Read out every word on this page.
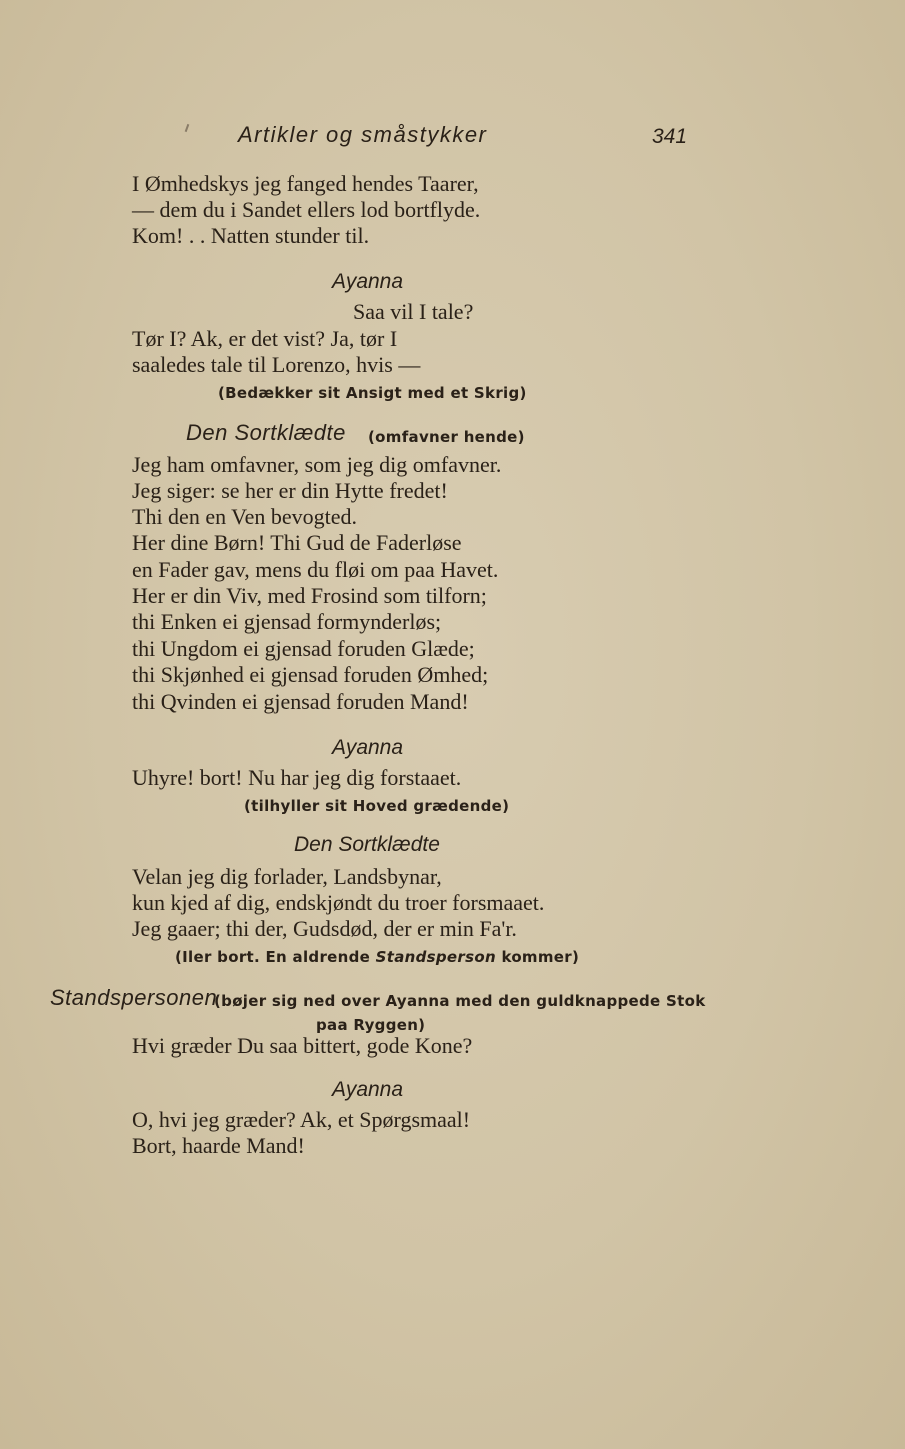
Artikler og småstykker	341
I Ømhedskys jeg fanged hendes Taarer,
— dem du i Sandet ellers lod bortflyde.
Kom! . . Natten stunder til.
Ayanna
Saa vil I tale?
Tør I? Ak, er det vist? Ja, tør I
saaledes tale til Lorenzo, hvis —
(Bedækker sit Ansigt med et Skrig)
Den Sortklædte (omfavner hende)
Jeg ham omfavner, som jeg dig omfavner.
Jeg siger: se her er din Hytte fredet!
Thi den en Ven bevogted.
Her dine Børn! Thi Gud de Faderløse
en Fader gav, mens du fløi om paa Havet.
Her er din Viv, med Frosind som tilforn;
thi Enken ei gjensad formynderløs;
thi Ungdom ei gjensad foruden Glæde;
thi Skjønhed ei gjensad foruden Ømhed;
thi Qvinden ei gjensad foruden Mand!
Ayanna
Uhyre! bort! Nu har jeg dig forstaaet.
(tilhyller sit Hoved grædende)
Den Sortklædte
Velan jeg dig forlader, Landsbynar,
kun kjed af dig, endskjøndt du troer forsmaaet.
Jeg gaaer; thi der, Gudsdød, der er min Fa'r.
(Iler bort. En aldrende Standsperson kommer)
Standspersonen
(bøjer sig ned over Ayanna med den guldknappede Stok
paa Ryggen)
Hvi græder Du saa bittert, gode Kone?
Ayanna
O, hvi jeg græder? Ak, et Spørgsmaal!
Bort, haarde Mand!
